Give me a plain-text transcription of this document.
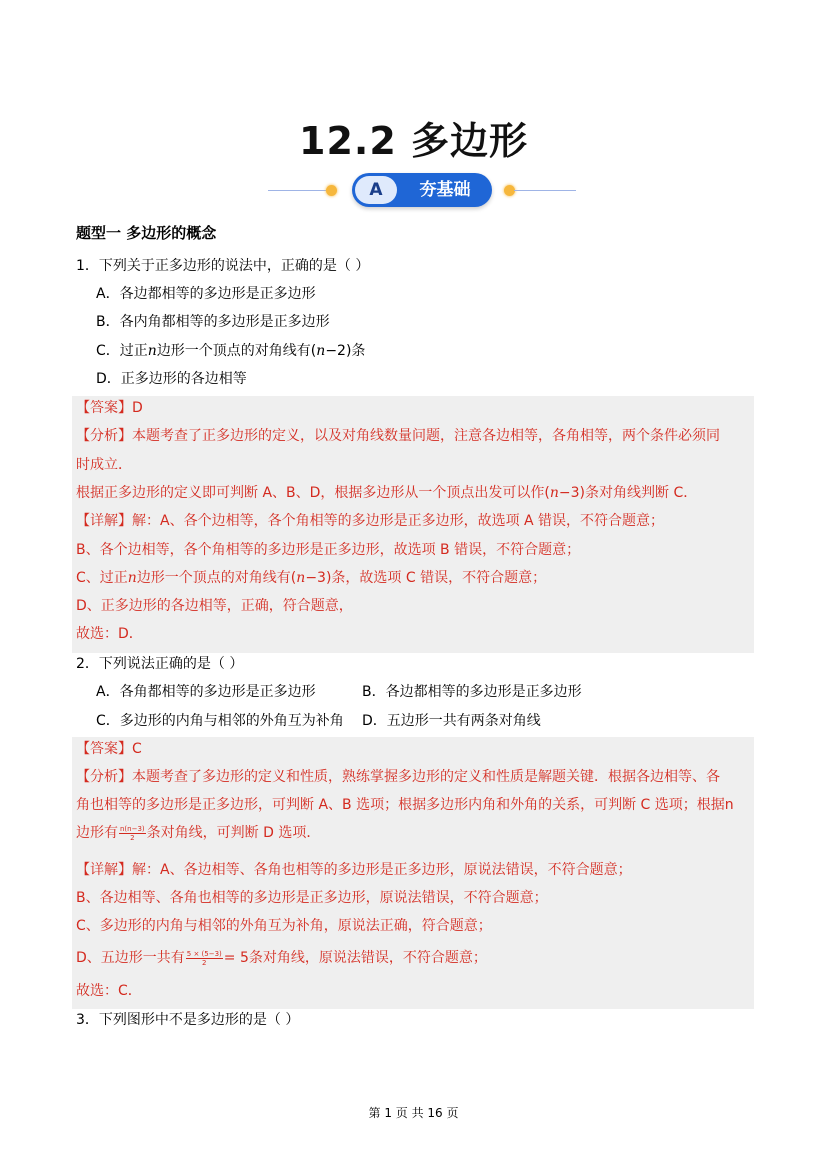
12.2 多边形
A	夯基础
题型一 多边形的概念
1．下列关于正多边形的说法中，正确的是（ ）
A．各边都相等的多边形是正多边形
B．各内角都相等的多边形是正多边形
C．过正n边形一个顶点的对角线有(n−2)条
D．正多边形的各边相等
【答案】D
【分析】本题考查了正多边形的定义，以及对角线数量问题，注意各边相等，各角相等，两个条件必须同
时成立．
根据正多边形的定义即可判断 A、B、D，根据多边形从一个顶点出发可以作(n−3)条对角线判断 C．
【详解】解：A、各个边相等，各个角相等的多边形是正多边形，故选项 A 错误，不符合题意；
B、各个边相等，各个角相等的多边形是正多边形，故选项 B 错误，不符合题意；
C、过正n边形一个顶点的对角线有(n−3)条，故选项 C 错误，不符合题意；
D、正多边形的各边相等，正确，符合题意，
故选：D．
2．下列说法正确的是（ ）
A．各角都相等的多边形是正多边形	B．各边都相等的多边形是正多边形
C．多边形的内角与相邻的外角互为补角 D．五边形一共有两条对角线
【答案】C
【分析】本题考查了多边形的定义和性质，熟练掌握多边形的定义和性质是解题关键．根据各边相等、各
角也相等的多边形是正多边形，可判断 A、B 选项；根据多边形内角和外角的关系，可判断 C 选项；根据n
边形有 $\frac{n(n-3)}{2}$ 条对角线，可判断 D 选项．
【详解】解：A、各边相等、各角也相等的多边形是正多边形，原说法错误，不符合题意；
B、各边相等、各角也相等的多边形是正多边形，原说法错误，不符合题意；
C、多边形的内角与相邻的外角互为补角，原说法正确，符合题意；
D、五边形一共有 $\frac{5 \times (5-3)}{2} = 5$条对角线，原说法错误，不符合题意；
故选：C．
3．下列图形中不是多边形的是（ ）
第 1 页 共 16 页
